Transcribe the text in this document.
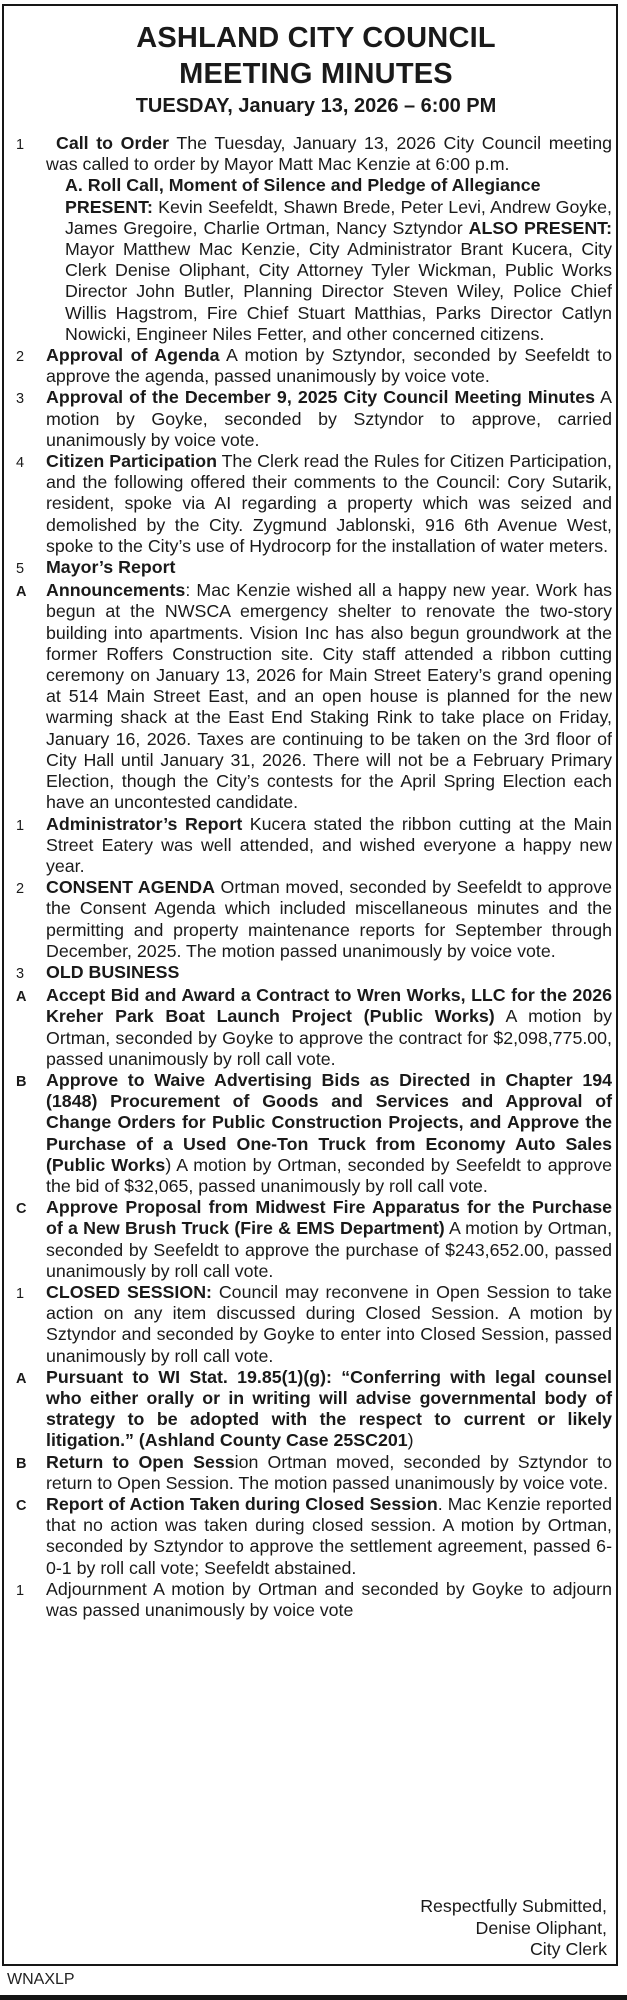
ASHLAND CITY COUNCIL
MEETING MINUTES
TUESDAY, January 13, 2026 – 6:00 PM
1	Call to Order The Tuesday, January 13, 2026 City Council meeting was called to order by Mayor Matt Mac Kenzie at 6:00 p.m.
A. Roll Call, Moment of Silence and Pledge of Allegiance
PRESENT: Kevin Seefeldt, Shawn Brede, Peter Levi, Andrew Goyke, James Gregoire, Charlie Ortman, Nancy Sztyndor ALSO PRESENT: Mayor Matthew Mac Kenzie, City Administrator Brant Kucera, City Clerk Denise Oliphant, City Attorney Tyler Wickman, Public Works Director John Butler, Planning Director Steven Wiley, Police Chief Willis Hagstrom, Fire Chief Stuart Matthias, Parks Director Catlyn Nowicki, Engineer Niles Fetter, and other concerned citizens.
2	Approval of Agenda A motion by Sztyndor, seconded by Seefeldt to approve the agenda, passed unanimously by voice vote.
3	Approval of the December 9, 2025 City Council Meeting Minutes A motion by Goyke, seconded by Sztyndor to approve, carried unanimously by voice vote.
4	Citizen Participation The Clerk read the Rules for Citizen Participation, and the following offered their comments to the Council: Cory Sutarik, resident, spoke via AI regarding a property which was seized and demolished by the City. Zygmund Jablonski, 916 6th Avenue West, spoke to the City’s use of Hydrocorp for the installation of water meters.
5	Mayor’s Report
A	Announcements: Mac Kenzie wished all a happy new year. Work has begun at the NWSCA emergency shelter to renovate the two-story building into apartments. Vision Inc has also begun groundwork at the former Roffers Construction site. City staff attended a ribbon cutting ceremony on January 13, 2026 for Main Street Eatery’s grand opening at 514 Main Street East, and an open house is planned for the new warming shack at the East End Staking Rink to take place on Friday, January 16, 2026. Taxes are continuing to be taken on the 3rd floor of City Hall until January 31, 2026. There will not be a February Primary Election, though the City’s contests for the April Spring Election each have an uncontested candidate.
1	Administrator’s Report Kucera stated the ribbon cutting at the Main Street Eatery was well attended, and wished everyone a happy new year.
2	CONSENT AGENDA Ortman moved, seconded by Seefeldt to approve the Consent Agenda which included miscellaneous minutes and the permitting and property maintenance reports for September through December, 2025. The motion passed unanimously by voice vote.
3	OLD BUSINESS
A	Accept Bid and Award a Contract to Wren Works, LLC for the 2026 Kreher Park Boat Launch Project (Public Works) A motion by Ortman, seconded by Goyke to approve the contract for $2,098,775.00, passed unanimously by roll call vote.
B	Approve to Waive Advertising Bids as Directed in Chapter 194 (1848) Procurement of Goods and Services and Approval of Change Orders for Public Construction Projects, and Approve the Purchase of a Used One-Ton Truck from Economy Auto Sales (Public Works) A motion by Ortman, seconded by Seefeldt to approve the bid of $32,065, passed unanimously by roll call vote.
C	Approve Proposal from Midwest Fire Apparatus for the Purchase of a New Brush Truck (Fire & EMS Department) A motion by Ortman, seconded by Seefeldt to approve the purchase of $243,652.00, passed unanimously by roll call vote.
1	CLOSED SESSION: Council may reconvene in Open Session to take action on any item discussed during Closed Session. A motion by Sztyndor and seconded by Goyke to enter into Closed Session, passed unanimously by roll call vote.
A	Pursuant to WI Stat. 19.85(1)(g): “Conferring with legal counsel who either orally or in writing will advise governmental body of strategy to be adopted with the respect to current or likely litigation.” (Ashland County Case 25SC201)
B	Return to Open Session Ortman moved, seconded by Sztyndor to return to Open Session. The motion passed unanimously by voice vote.
C	Report of Action Taken during Closed Session. Mac Kenzie reported that no action was taken during closed session. A motion by Ortman, seconded by Sztyndor to approve the settlement agreement, passed 6-0-1 by roll call vote; Seefeldt abstained.
1	Adjournment A motion by Ortman and seconded by Goyke to adjourn was passed unanimously by voice vote
Respectfully Submitted,
Denise Oliphant,
City Clerk
WNAXLP
